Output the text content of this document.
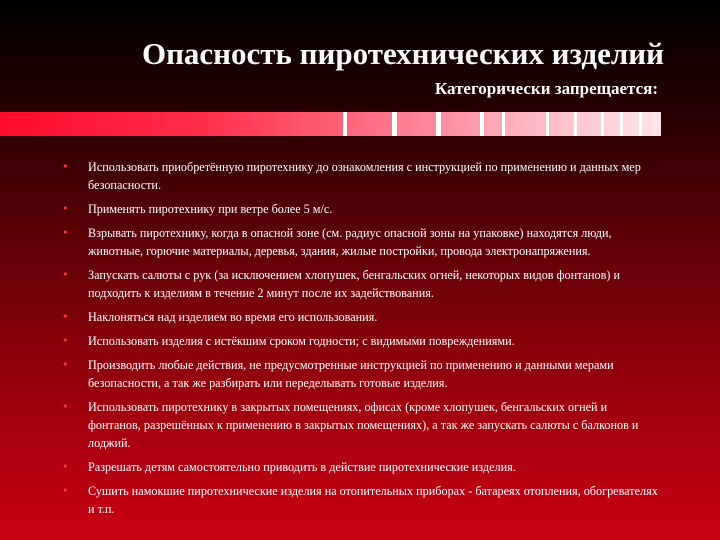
Опасность пиротехнических изделий
Категорически запрещается:
• Использовать приобретённую пиротехнику до ознакомления с инструкцией по применению и данных мер безопасности.
• Применять пиротехнику при ветре более 5 м/с.
• Взрывать пиротехнику, когда в опасной зоне (см. радиус опасной зоны на упаковке) находятся люди, животные, горючие материалы, деревья, здания, жилые постройки, провода электронапряжения.
• Запускать салюты с рук (за исключением хлопушек, бенгальских огней, некоторых видов фонтанов) и подходить к изделиям в течение 2 минут после их задействования.
• Наклоняться над изделием во время его использования.
• Использовать изделия с истёкшим сроком годности; с видимыми повреждениями.
• Производить любые действия, не предусмотренные инструкцией по применению и данными мерами безопасности, а так же разбирать или переделывать готовые изделия.
• Использовать пиротехнику в закрытых помещениях, офисах (кроме хлопушек, бенгальских огней и фонтанов, разрешённых к применению в закрытых помещениях), а так же запускать салюты с балконов и лоджий.
• Разрешать детям самостоятельно приводить в действие пиротехнические изделия.
• Сушить намокшие пиротехнические изделия на отопительных приборах - батареях отопления, обогревателях и т.п.
